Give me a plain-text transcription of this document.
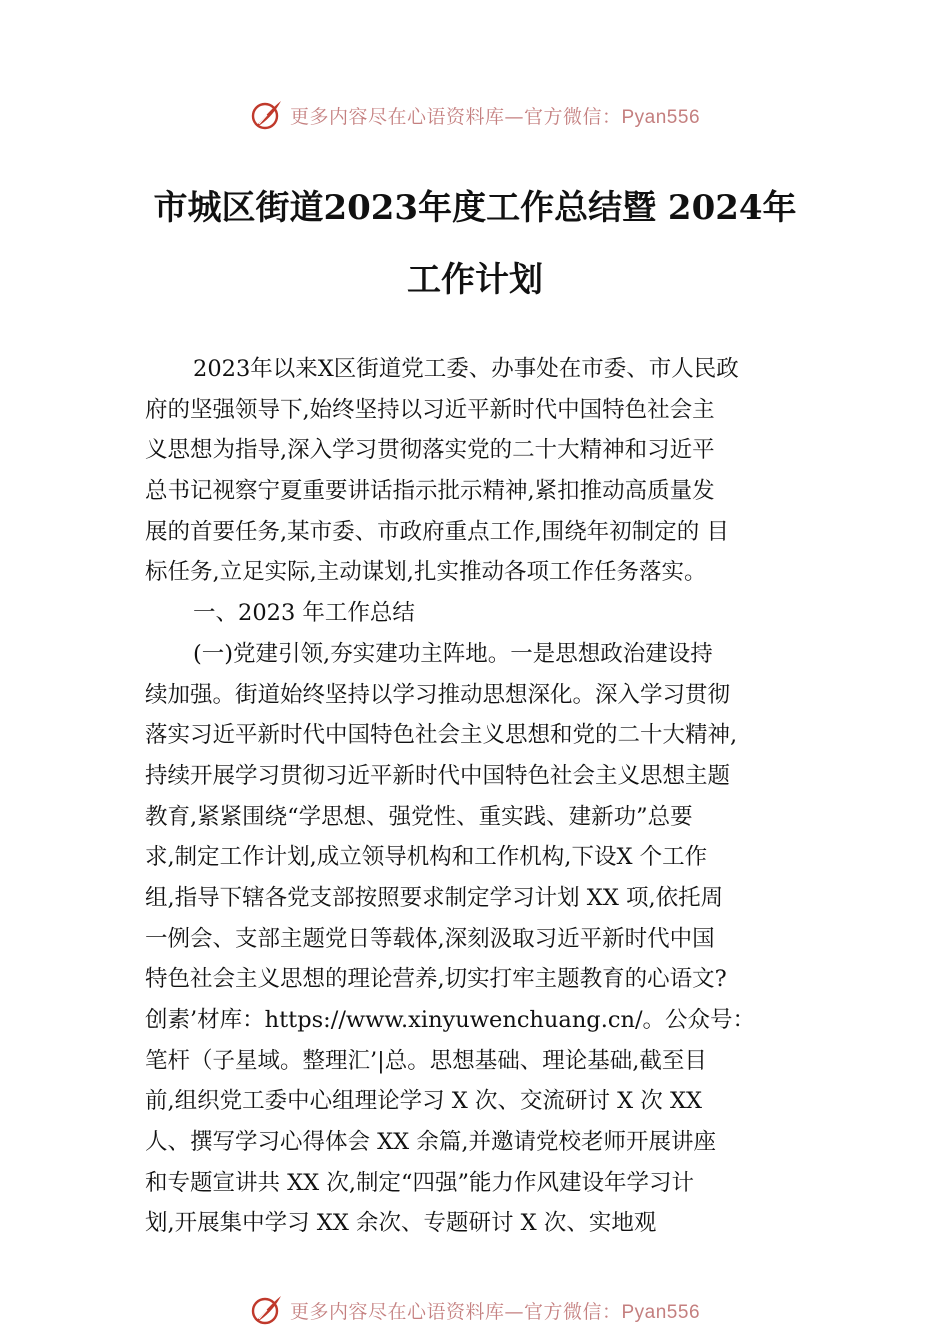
更多内容尽在心语资料库—官方微信：Pyan556
市城区街道2023年度工作总结暨 2024年
工作计划
2023年以来X区街道党工委、办事处在市委、市人民政
府的坚强领导下,始终坚持以习近平新时代中国特色社会主
义思想为指导,深入学习贯彻落实党的二十大精神和习近平
总书记视察宁夏重要讲话指示批示精神,紧扣推动高质量发
展的首要任务,某市委、市政府重点工作,围绕年初制定的 目
标任务,立足实际,主动谋划,扎实推动各项工作任务落实。
一、2023 年工作总结
(一)党建引领,夯实建功主阵地。一是思想政治建设持
续加强。街道始终坚持以学习推动思想深化。深入学习贯彻
落实习近平新时代中国特色社会主义思想和党的二十大精神,
持续开展学习贯彻习近平新时代中国特色社会主义思想主题
教育,紧紧围绕“学思想、强党性、重实践、建新功”总要
求,制定工作计划,成立领导机构和工作机构,下设X 个工作
组,指导下辖各党支部按照要求制定学习计划 XX 项,依托周
一例会、支部主题党日等载体,深刻汲取习近平新时代中国
特色社会主义思想的理论营养,切实打牢主题教育的心语文?
创素’材库：https://www.xinyuwenchuang.cn/。公众号：
笔杆（子星域。整理汇’|总。思想基础、理论基础,截至目
前,组织党工委中心组理论学习 X 次、交流研讨 X 次 XX
人、撰写学习心得体会 XX 余篇,并邀请党校老师开展讲座
和专题宣讲共 XX 次,制定“四强”能力作风建设年学习计
划,开展集中学习 XX 余次、专题研讨 X 次、实地观
更多内容尽在心语资料库—官方微信：Pyan556
